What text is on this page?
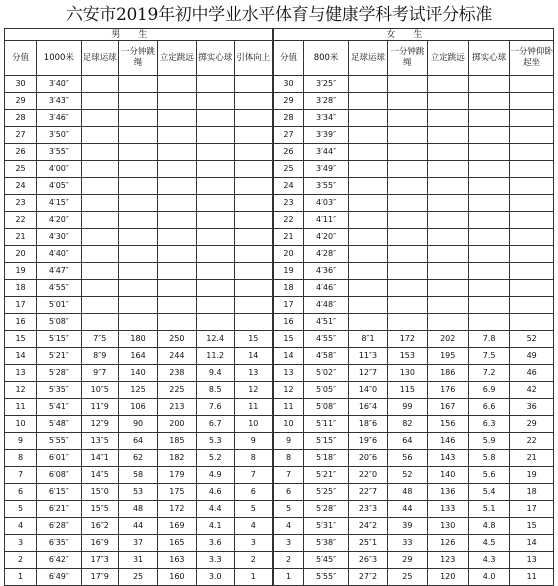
六安市2019年初中学业水平体育与健康学科考试评分标准
男生							女生						
分值	1000米	足球运球	一分钟跳绳	立定跳远	掷实心球	引体向上	分值	800米	足球运球	一分钟跳绳	立定跳远	掷实心球	一分钟仰卧起坐
30	3′40″						30	3′25″					
29	3′43″						29	3′28″					
28	3′46″						28	3′34″					
27	3′50″						27	3′39″					
26	3′55″						26	3′44″					
25	4′00″						25	3′49″					
24	4′05″						24	3′55″					
23	4′15″						23	4′03″					
22	4′20″						22	4′11″					
21	4′30″						21	4′20″					
20	4′40″						20	4′28″					
19	4′47″						19	4′36″					
18	4′55″						18	4′46″					
17	5′01″						17	4′48″					
16	5′08″						16	4′51″					
15	5′15″	7″5	180	250	12.4	15	15	4′55″	8″1	172	202	7.8	52
14	5′21″	8″9	164	244	11.2	14	14	4′58″	11″3	153	195	7.5	49
13	5′28″	9″7	140	238	9.4	13	13	5′02″	12″7	130	186	7.2	46
12	5′35″	10″5	125	225	8.5	12	12	5′05″	14″0	115	176	6.9	42
11	5′41″	11″9	106	213	7.6	11	11	5′08″	16″4	99	167	6.6	36
10	5′48″	12″9	90	200	6.7	10	10	5′11″	18″6	82	156	6.3	29
9	5′55″	13″5	64	185	5.3	9	9	5′15″	19″6	64	146	5.9	22
8	6′01″	14″1	62	182	5.2	8	8	5′18″	20″6	56	143	5.8	21
7	6′08″	14″5	58	179	4.9	7	7	5′21″	22″0	52	140	5.6	19
6	6′15″	15″0	53	175	4.6	6	6	5′25″	22″7	48	136	5.4	18
5	6′21″	15″5	48	172	4.4	5	5	5′28″	23″3	44	133	5.1	17
4	6′28″	16″2	44	169	4.1	4	4	5′31″	24″2	39	130	4.8	15
3	6′35″	16″9	37	165	3.6	3	3	5′38″	25″1	33	126	4.5	14
2	6′42″	17″3	31	163	3.3	2	2	5′45″	26″3	29	123	4.3	13
1	6′49″	17″9	25	160	3.0	1	1	5′55″	27″2	25	120	4.0	11
